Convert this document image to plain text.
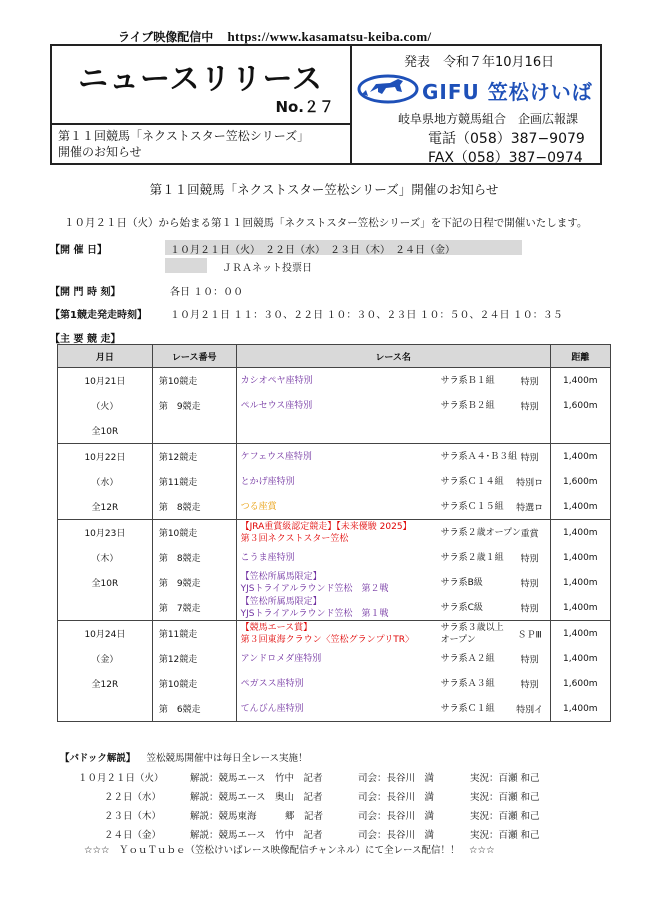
ライブ映像配信中 https://www.kasamatsu-keiba.com/
ニュースリリース
No.２７
第１１回競馬「ネクストスター笠松シリーズ」
開催のお知らせ
発表　令和７年10月16日
GIFU 笠松けいば
岐阜県地方競馬組合　企画広報課
電話（058）387−9079
FAX（058）387−0974
第１１回競馬「ネクストスター笠松シリーズ」開催のお知らせ
１０月２１日（火）から始まる第１１回競馬「ネクストスター笠松シリーズ」を下記の日程で開催いたします。
【開 催 日】	１０月２１日（火）　２２日（水）　２３日（木）　２４日（金）
ＪＲＡネット投票日
【開 門 時 刻】	各日 １０：００
【第1競走発走時刻】 １０月２１日 １１：３０、２２日 １０：３０、２３日 １０：５０、２４日 １０：３５
【主 要 競 走】
月日	レース番号	レース名	距離
10月21日	第10競走	カシオペヤ座特別 サラ系Ｂ１組 特別	1,400m
（火）	第　9競走	ペルセウス座特別 サラ系Ｂ２組 特別	1,600m
全10R			
10月22日	第12競走	ケフェウス座特別 サラ系Ａ４･Ｂ３組 特別	1,400m
（水）	第11競走	とかげ座特別 サラ系Ｃ１４組 特別ロ	1,600m
全12R	第　8競走	つる座賞 サラ系Ｃ１５組 特選ロ	1,400m
10月23日	第10競走	【JRA重賞級認定競走】【未来優駿 2025】
第３回ネクストスター笠松
サラ系２歳オープン 重賞	1,400m
（木）	第　8競走	こうま座特別 サラ系２歳１組 特別	1,400m
全10R	第　9競走	【笠松所属馬限定】
YJSトライアルラウンド笠松　第２戦
サラ系B級 特別	1,400m
	第　7競走	【笠松所属馬限定】
YJSトライアルラウンド笠松　第１戦
サラ系C級 特別	1,400m
10月24日	第11競走	【競馬エース賞】
第３回東海クラウン〈笠松グランプリTR〉
サラ系３歳以上
オープン ＳＰⅢ	1,400m
（金）	第12競走	アンドロメダ座特別 サラ系Ａ２組 特別	1,400m
全12R	第10競走	ペガスス座特別 サラ系Ａ３組 特別	1,600m
	第　6競走	てんびん座特別 サラ系Ｃ１組 特別イ	1,400m
【パドック解説】 笠松競馬開催中は毎日全レース実施！
１０月２１日（火）	解説：競馬エース　竹中　記者	司会：長谷川　満	実況：百瀬 和己
２２日（水）	解説：競馬エース　奥山　記者	司会：長谷川　満	実況：百瀬 和己
２３日（木）	解説：競馬東海　　　郷　記者	司会：長谷川　満	実況：百瀬 和己
２４日（金）	解説：競馬エース　竹中　記者	司会：長谷川　満	実況：百瀬 和己
☆☆☆　ＹｏｕＴｕｂｅ（笠松けいばレース映像配信チャンネル）にて全レース配信！！　☆☆☆
